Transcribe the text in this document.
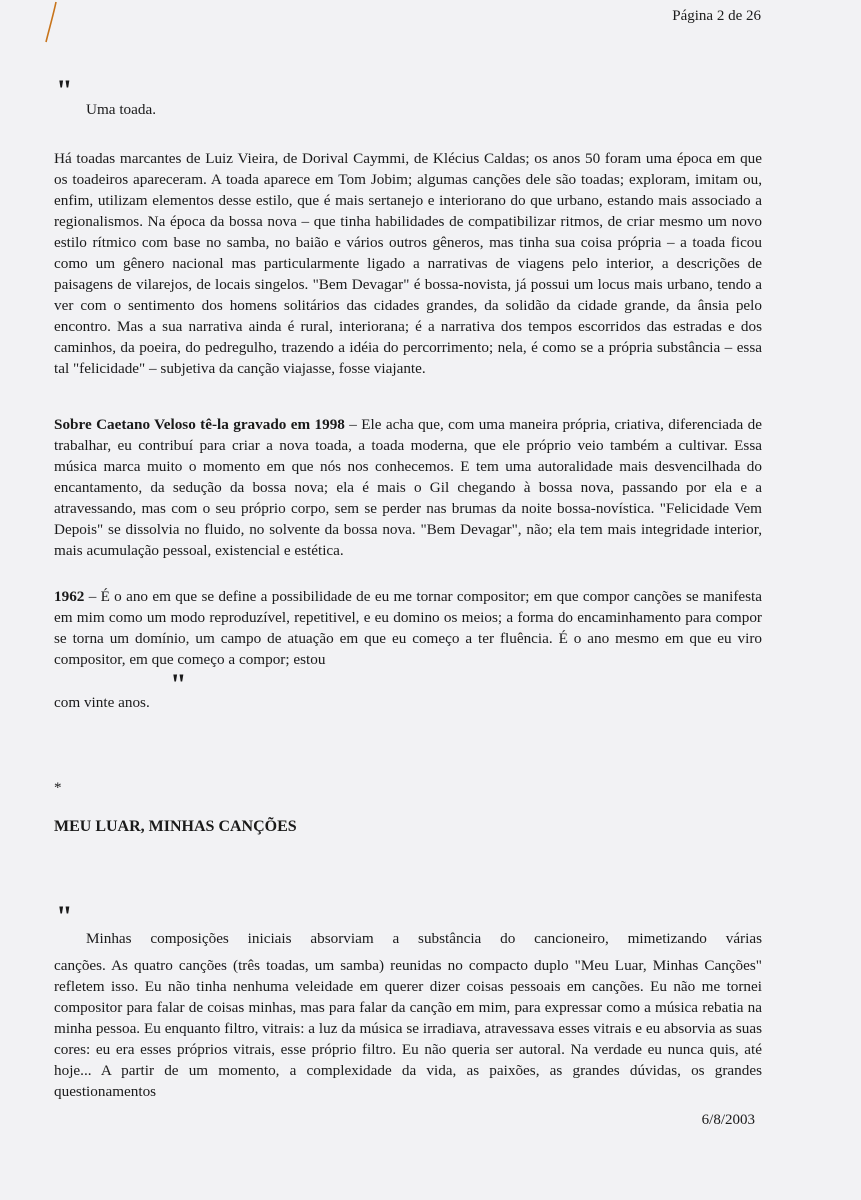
Página 2 de 26
"

Uma toada.

Há toadas marcantes de Luiz Vieira, de Dorival Caymmi, de Klécius Caldas; os anos 50 foram uma época em que os toadeiros apareceram. A toada aparece em Tom Jobim; algumas canções dele são toadas; exploram, imitam ou, enfim, utilizam elementos desse estilo, que é mais sertanejo e interiorano do que urbano, estando mais associado a regionalismos. Na época da bossa nova – que tinha habilidades de compatibilizar ritmos, de criar mesmo um novo estilo rítmico com base no samba, no baião e vários outros gêneros, mas tinha sua coisa própria – a toada ficou como um gênero nacional mas particularmente ligado a narrativas de viagens pelo interior, a descrições de paisagens de vilarejos, de locais singelos. "Bem Devagar" é bossa-novista, já possui um locus mais urbano, tendo a ver com o sentimento dos homens solitários das cidades grandes, da solidão da cidade grande, da ânsia pelo encontro. Mas a sua narrativa ainda é rural, interiorana; é a narrativa dos tempos escorridos das estradas e dos caminhos, da poeira, do pedregulho, trazendo a idéia do percorrimento; nela, é como se a própria substância – essa tal "felicidade" – subjetiva da canção viajasse, fosse viajante.

Sobre Caetano Veloso tê-la gravado em 1998 – Ele acha que, com uma maneira própria, criativa, diferenciada de trabalhar, eu contribuí para criar a nova toada, a toada moderna, que ele próprio veio também a cultivar. Essa música marca muito o momento em que nós nos conhecemos. E tem uma autoralidade mais desvencilhada do encantamento, da sedução da bossa nova; ela é mais o Gil chegando à bossa nova, passando por ela e a atravessando, mas com o seu próprio corpo, sem se perder nas brumas da noite bossa-novística. "Felicidade Vem Depois" se dissolvia no fluido, no solvente da bossa nova. "Bem Devagar", não; ela tem mais integridade interior, mais acumulação pessoal, existencial e estética.

1962 – É o ano em que se define a possibilidade de eu me tornar compositor; em que compor canções se manifesta em mim como um modo reproduzível, repetitivel, e eu domino os meios; a forma do encaminhamento para compor se torna um domínio, um campo de atuação em que eu começo a ter fluência. É o ano mesmo em que eu viro compositor, em que começo a compor; estou

"

com vinte anos.

*
MEU LUAR, MINHAS CANÇÕES
"

Minhas composições iniciais absorviam a substância do cancioneiro, mimetizando várias

canções. As quatro canções (três toadas, um samba) reunidas no compacto duplo "Meu Luar, Minhas Canções" refletem isso. Eu não tinha nenhuma veleidade em querer dizer coisas pessoais em canções. Eu não me tornei compositor para falar de coisas minhas, mas para falar da canção em mim, para expressar como a música rebatia na minha pessoa. Eu enquanto filtro, vitrais: a luz da música se irradiava, atravessava esses vitrais e eu absorvia as suas cores: eu era esses próprios vitrais, esse próprio filtro. Eu não queria ser autoral. Na verdade eu nunca quis, até hoje... A partir de um momento, a complexidade da vida, as paixões, as grandes dúvidas, os grandes questionamentos

6/8/2003
